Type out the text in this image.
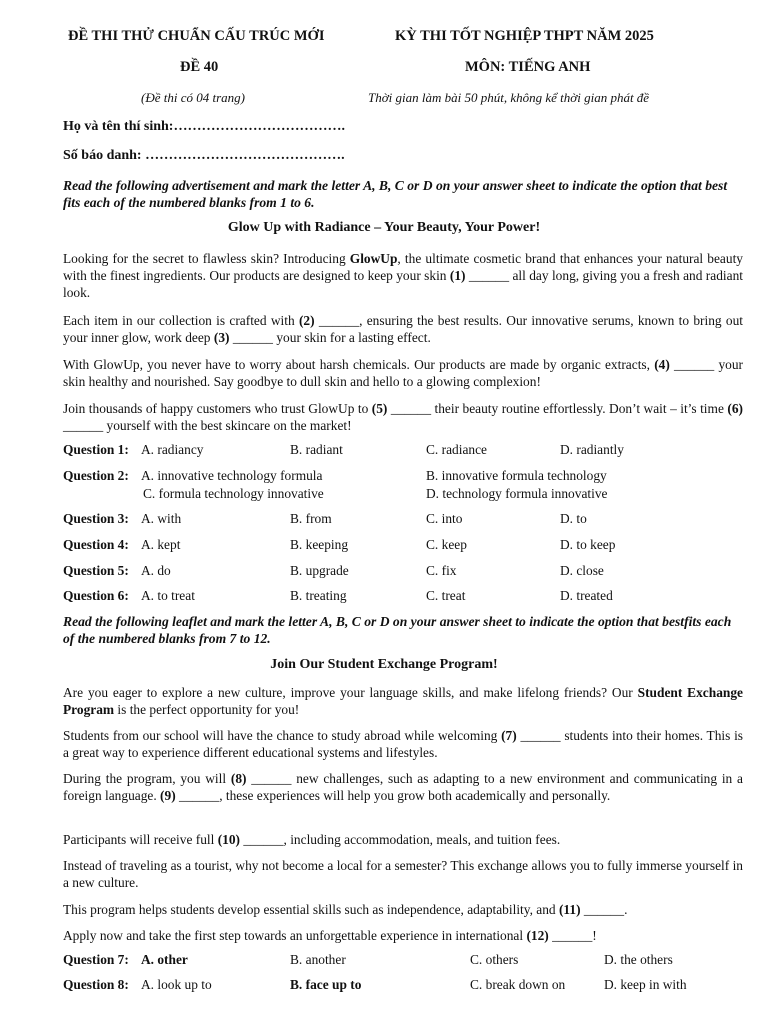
ĐỀ THI THỬ CHUẨN CẤU TRÚC MỚI	KỲ THI TỐT NGHIỆP THPT NĂM 2025
ĐỀ 40	MÔN: TIẾNG ANH
(Đề thi có 04 trang)	Thời gian làm bài 50 phút, không kể thời gian phát đề
Họ và tên thí sinh:……………………………….
Số báo danh: …………………………………….
Read the following advertisement and mark the letter A, B, C or D on your answer sheet to indicate the option that best fits each of the numbered blanks from 1 to 6.
Glow Up with Radiance – Your Beauty, Your Power!
Looking for the secret to flawless skin? Introducing GlowUp, the ultimate cosmetic brand that enhances your natural beauty with the finest ingredients. Our products are designed to keep your skin (1) ______ all day long, giving you a fresh and radiant look.
Each item in our collection is crafted with (2) ______, ensuring the best results. Our innovative serums, known to bring out your inner glow, work deep (3) ______ your skin for a lasting effect.
With GlowUp, you never have to worry about harsh chemicals. Our products are made by organic extracts, (4) ______ your skin healthy and nourished. Say goodbye to dull skin and hello to a glowing complexion!
Join thousands of happy customers who trust GlowUp to (5) ______ their beauty routine effortlessly. Don’t wait – it’s time (6) ______ yourself with the best skincare on the market!
Question 1: A. radiancy	B. radiant	C. radiance	D. radiantly
Question 2: A. innovative technology formula	B. innovative formula technology
C. formula technology innovative	D. technology formula innovative
Question 3: A. with	B. from	C. into	D. to
Question 4: A. kept	B. keeping	C. keep	D. to keep
Question 5: A. do	B. upgrade	C. fix	D. close
Question 6: A. to treat	B. treating	C. treat	D. treated
Read the following leaflet and mark the letter A, B, C or D on your answer sheet to indicate the option that bestfits each of the numbered blanks from 7 to 12.
Join Our Student Exchange Program!
Are you eager to explore a new culture, improve your language skills, and make lifelong friends? Our Student Exchange Program is the perfect opportunity for you!
Students from our school will have the chance to study abroad while welcoming (7) ______ students into their homes. This is a great way to experience different educational systems and lifestyles.
During the program, you will (8) ______ new challenges, such as adapting to a new environment and communicating in a foreign language. (9) ______, these experiences will help you grow both academically and personally.
Participants will receive full (10) ______, including accommodation, meals, and tuition fees.
Instead of traveling as a tourist, why not become a local for a semester? This exchange allows you to fully immerse yourself in a new culture.
This program helps students develop essential skills such as independence, adaptability, and (11) ______.
Apply now and take the first step towards an unforgettable experience in international (12) ______!
Question 7: A. other	B. another	C. others	D. the others
Question 8: A. look up to	B. face up to	C. break down on	D. keep in with
